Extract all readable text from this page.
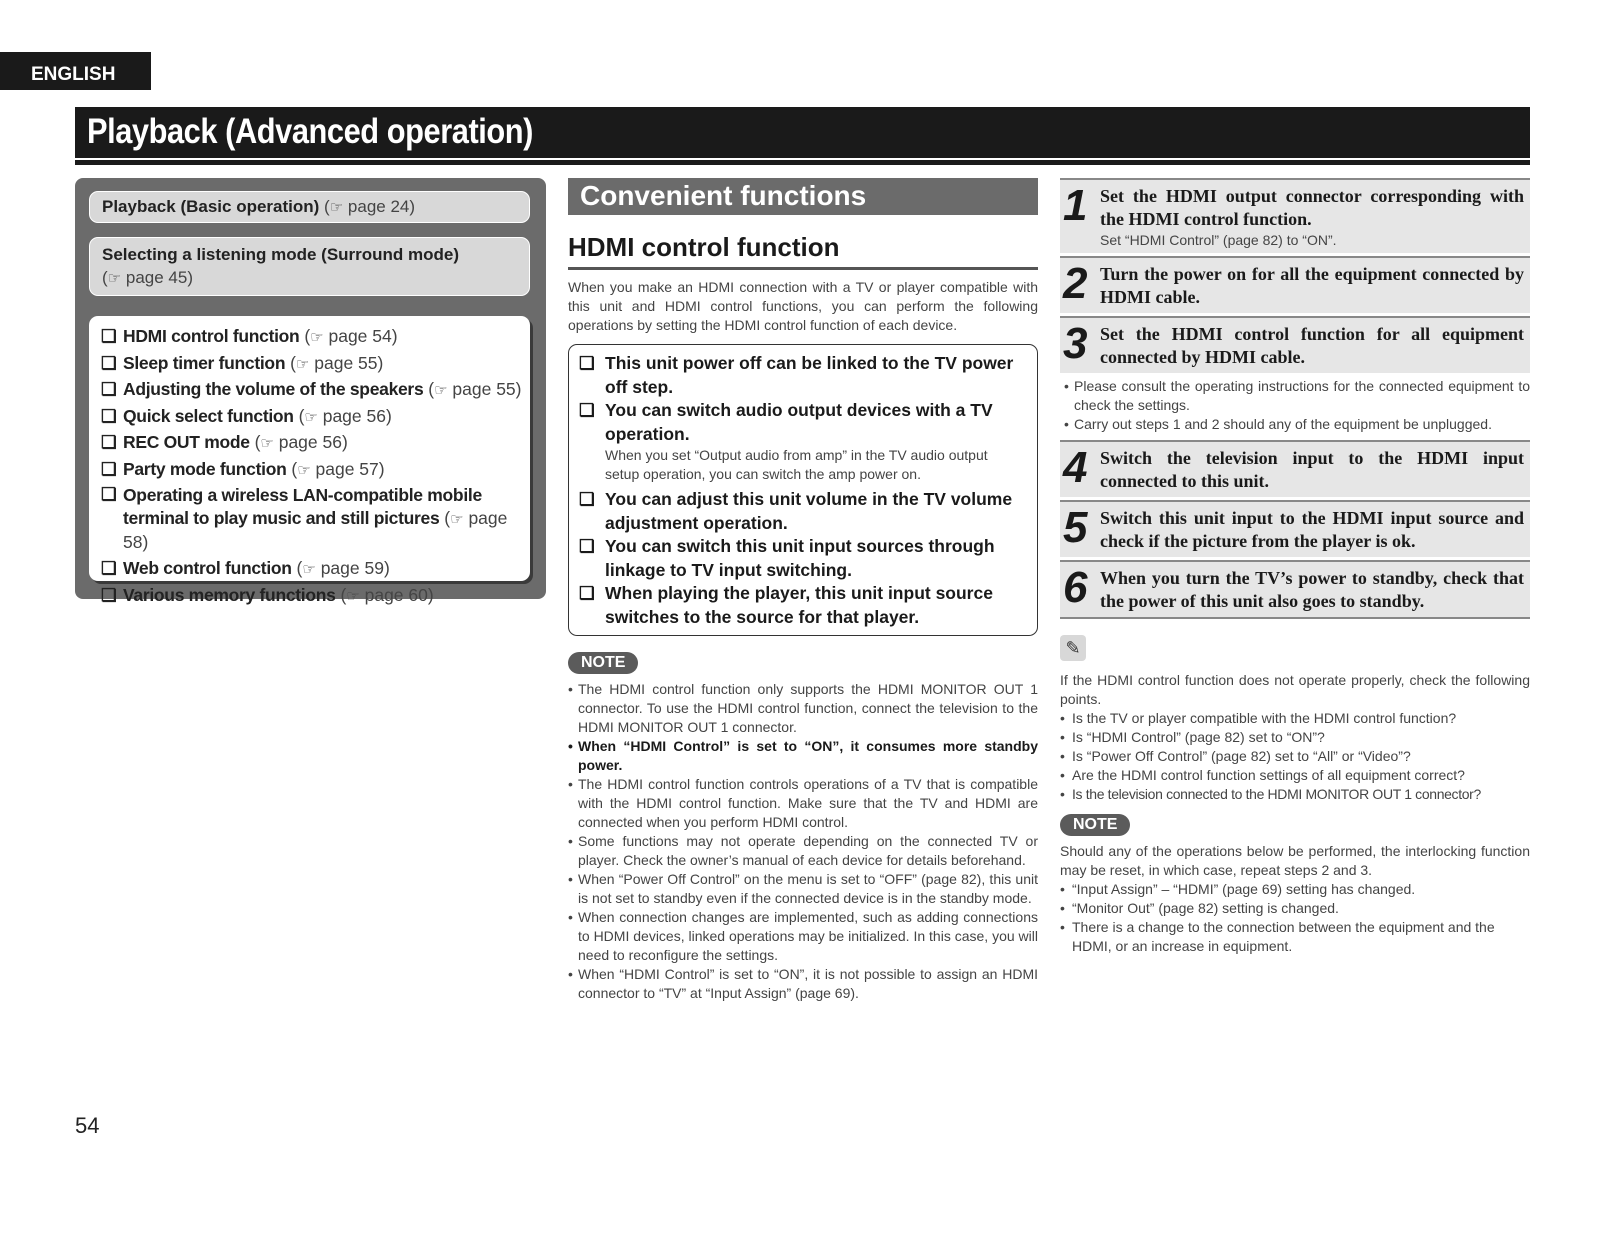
ENGLISH
Playback (Advanced operation)
Playback (Basic operation) (☞ page 24)
Selecting a listening mode (Surround mode)
(☞ page 45)
❏ HDMI control function (☞ page 54)
❏ Sleep timer function (☞ page 55)
❏ Adjusting the volume of the speakers (☞ page 55)
❏ Quick select function (☞ page 56)
❏ REC OUT mode (☞ page 56)
❏ Party mode function (☞ page 57)
❏ Operating a wireless LAN-compatible mobile terminal to play music and still pictures (☞ page 58)
❏ Web control function (☞ page 59)
❏ Various memory functions (☞ page 60)
Convenient functions
HDMI control function
When you make an HDMI connection with a TV or player compatible with this unit and HDMI control functions, you can perform the following operations by setting the HDMI control function of each device.
❏ This unit power off can be linked to the TV power off step.
❏ You can switch audio output devices with a TV operation.
When you set “Output audio from amp” in the TV audio output setup operation, you can switch the amp power on.
❏ You can adjust this unit volume in the TV volume adjustment operation.
❏ You can switch this unit input sources through linkage to TV input switching.
❏ When playing the player, this unit input source switches to the source for that player.
NOTE
• The HDMI control function only supports the HDMI MONITOR OUT 1 connector. To use the HDMI control function, connect the television to the HDMI MONITOR OUT 1 connector.
• When “HDMI Control” is set to “ON”, it consumes more standby power.
• The HDMI control function controls operations of a TV that is compatible with the HDMI control function. Make sure that the TV and HDMI are connected when you perform HDMI control.
• Some functions may not operate depending on the connected TV or player. Check the owner’s manual of each device for details beforehand.
• When “Power Off Control” on the menu is set to “OFF” (page 82), this unit is not set to standby even if the connected device is in the standby mode.
• When connection changes are implemented, such as adding connections to HDMI devices, linked operations may be initialized. In this case, you will need to reconfigure the settings.
• When “HDMI Control” is set to “ON”, it is not possible to assign an HDMI connector to “TV” at “Input Assign” (page 69).
1 Set the HDMI output connector corresponding with the HDMI control function.
Set “HDMI Control” (page 82) to “ON”.
2 Turn the power on for all the equipment connected by HDMI cable.
3 Set the HDMI control function for all equipment connected by HDMI cable.
• Please consult the operating instructions for the connected equipment to check the settings.
• Carry out steps 1 and 2 should any of the equipment be unplugged.
4 Switch the television input to the HDMI input connected to this unit.
5 Switch this unit input to the HDMI input source and check if the picture from the player is ok.
6 When you turn the TV’s power to standby, check that the power of this unit also goes to standby.
✎
If the HDMI control function does not operate properly, check the following points.
• Is the TV or player compatible with the HDMI control function?
• Is “HDMI Control” (page 82) set to “ON”?
• Is “Power Off Control” (page 82) set to “All” or “Video”?
• Are the HDMI control function settings of all equipment correct?
• Is the television connected to the HDMI MONITOR OUT 1 connector?
NOTE
Should any of the operations below be performed, the interlocking function may be reset, in which case, repeat steps 2 and 3.
• “Input Assign” – “HDMI” (page 69) setting has changed.
• “Monitor Out” (page 82) setting is changed.
• There is a change to the connection between the equipment and the HDMI, or an increase in equipment.
54
